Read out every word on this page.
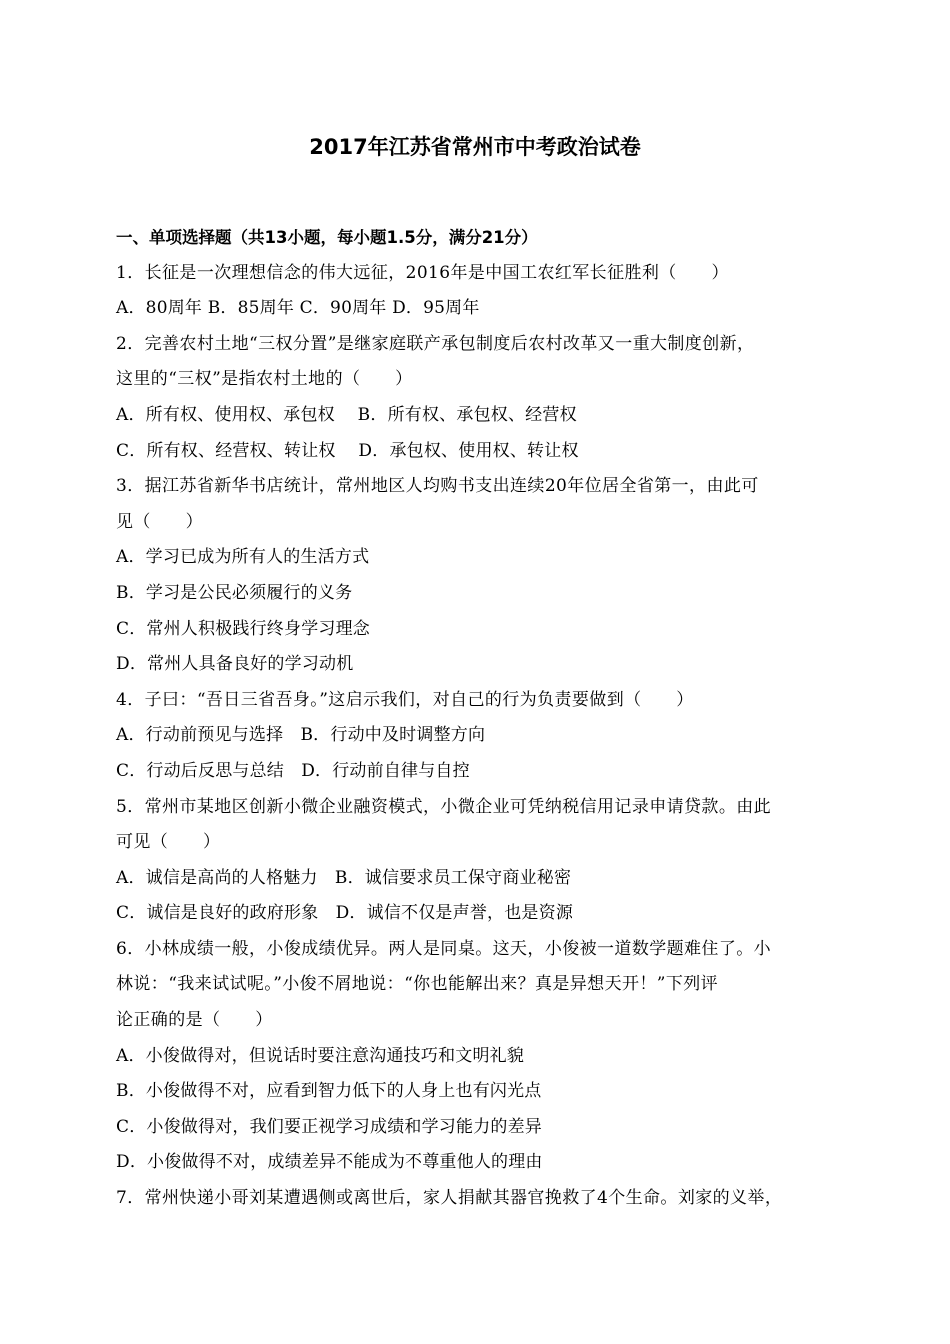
2017年江苏省常州市中考政治试卷
一、单项选择题（共13小题，每小题1.5分，满分21分）
1．长征是一次理想信念的伟大远征，2016年是中国工农红军长征胜利（　　）
A．80周年 B．85周年 C．90周年 D．95周年
2．完善农村土地“三权分置”是继家庭联产承包制度后农村改革又一重大制度创新，
这里的“三权”是指农村土地的（　　）
A．所有权、使用权、承包权　 B．所有权、承包权、经营权
C．所有权、经营权、转让权　 D．承包权、使用权、转让权
3．据江苏省新华书店统计，常州地区人均购书支出连续20年位居全省第一，由此可
见（　　）
A．学习已成为所有人的生活方式
B．学习是公民必须履行的义务
C．常州人积极践行终身学习理念
D．常州人具备良好的学习动机
4．子曰：“吾日三省吾身。”这启示我们，对自己的行为负责要做到（　　）
A．行动前预见与选择　B．行动中及时调整方向
C．行动后反思与总结　D．行动前自律与自控
5．常州市某地区创新小微企业融资模式，小微企业可凭纳税信用记录申请贷款。由此
可见（　　）
A．诚信是高尚的人格魅力　B．诚信要求员工保守商业秘密
C．诚信是良好的政府形象　D．诚信不仅是声誉，也是资源
6．小林成绩一般，小俊成绩优异。两人是同桌。这天，小俊被一道数学题难住了。小
林说：“我来试试呢。”小俊不屑地说：“你也能解出来？真是异想天开！”下列评
论正确的是（　　）
A．小俊做得对，但说话时要注意沟通技巧和文明礼貌
B．小俊做得不对，应看到智力低下的人身上也有闪光点
C．小俊做得对，我们要正视学习成绩和学习能力的差异
D．小俊做得不对，成绩差异不能成为不尊重他人的理由
7．常州快递小哥刘某遭遇侧或离世后，家人捐献其器官挽救了4个生命。刘家的义举，
